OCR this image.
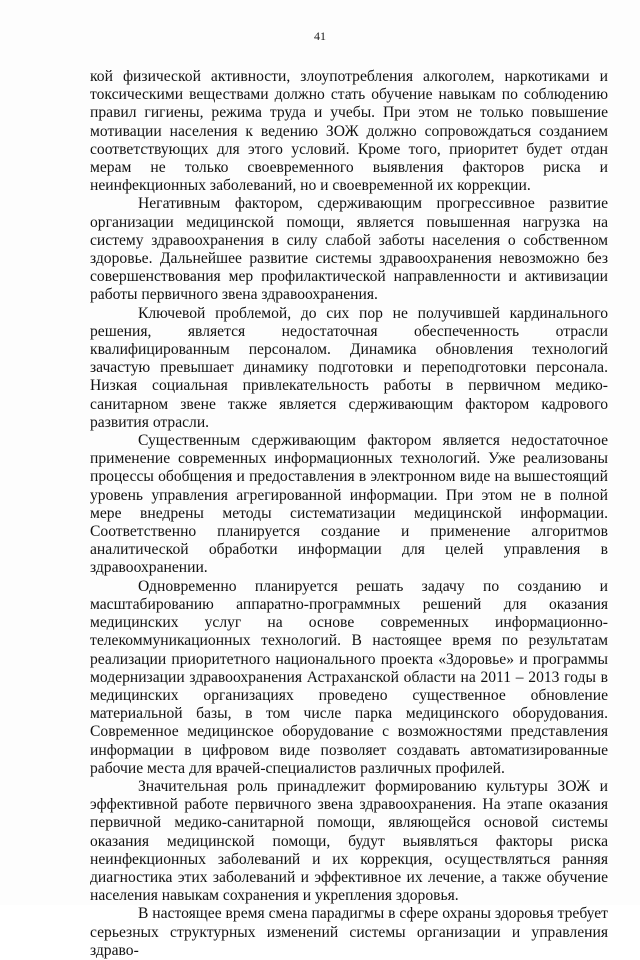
41

кой физической активности, злоупотребления алкоголем, наркотиками и токсическими веществами должно стать обучение навыкам по соблюдению правил гигиены, режима труда и учебы. При этом не только повышение мотивации населения к ведению ЗОЖ должно сопровождаться созданием соответствующих для этого условий. Кроме того, приоритет будет отдан мерам не только своевременного выявления факторов риска и неинфекционных заболеваний, но и своевременной их коррекции.

Негативным фактором, сдерживающим прогрессивное развитие организации медицинской помощи, является повышенная нагрузка на систему здравоохранения в силу слабой заботы населения о собственном здоровье. Дальнейшее развитие системы здравоохранения невозможно без совершенствования мер профилактической направленности и активизации работы первичного звена здравоохранения.

Ключевой проблемой, до сих пор не получившей кардинального решения, является недостаточная обеспеченность отрасли квалифицированным персоналом. Динамика обновления технологий зачастую превышает динамику подготовки и переподготовки персонала. Низкая социальная привлекательность работы в первичном медико-санитарном звене также является сдерживающим фактором кадрового развития отрасли.

Существенным сдерживающим фактором является недостаточное применение современных информационных технологий. Уже реализованы процессы обобщения и предоставления в электронном виде на вышестоящий уровень управления агрегированной информации. При этом не в полной мере внедрены методы систематизации медицинской информации. Соответственно планируется создание и применение алгоритмов аналитической обработки информации для целей управления в здравоохранении.

Одновременно планируется решать задачу по созданию и масштабированию аппаратно-программных решений для оказания медицинских услуг на основе современных информационно-телекоммуникационных технологий. В настоящее время по результатам реализации приоритетного национального проекта «Здоровье» и программы модернизации здравоохранения Астраханской области на 2011 – 2013 годы в медицинских организациях проведено существенное обновление материальной базы, в том числе парка медицинского оборудования. Современное медицинское оборудование с возможностями представления информации в цифровом виде позволяет создавать автоматизированные рабочие места для врачей-специалистов различных профилей.

Значительная роль принадлежит формированию культуры ЗОЖ и эффективной работе первичного звена здравоохранения. На этапе оказания первичной медико-санитарной помощи, являющейся основой системы оказания медицинской помощи, будут выявляться факторы риска неинфекционных заболеваний и их коррекция, осуществляться ранняя диагностика этих заболеваний и эффективное их лечение, а также обучение населения навыкам сохранения и укрепления здоровья.

В настоящее время смена парадигмы в сфере охраны здоровья требует серьезных структурных изменений системы организации и управления здраво-
